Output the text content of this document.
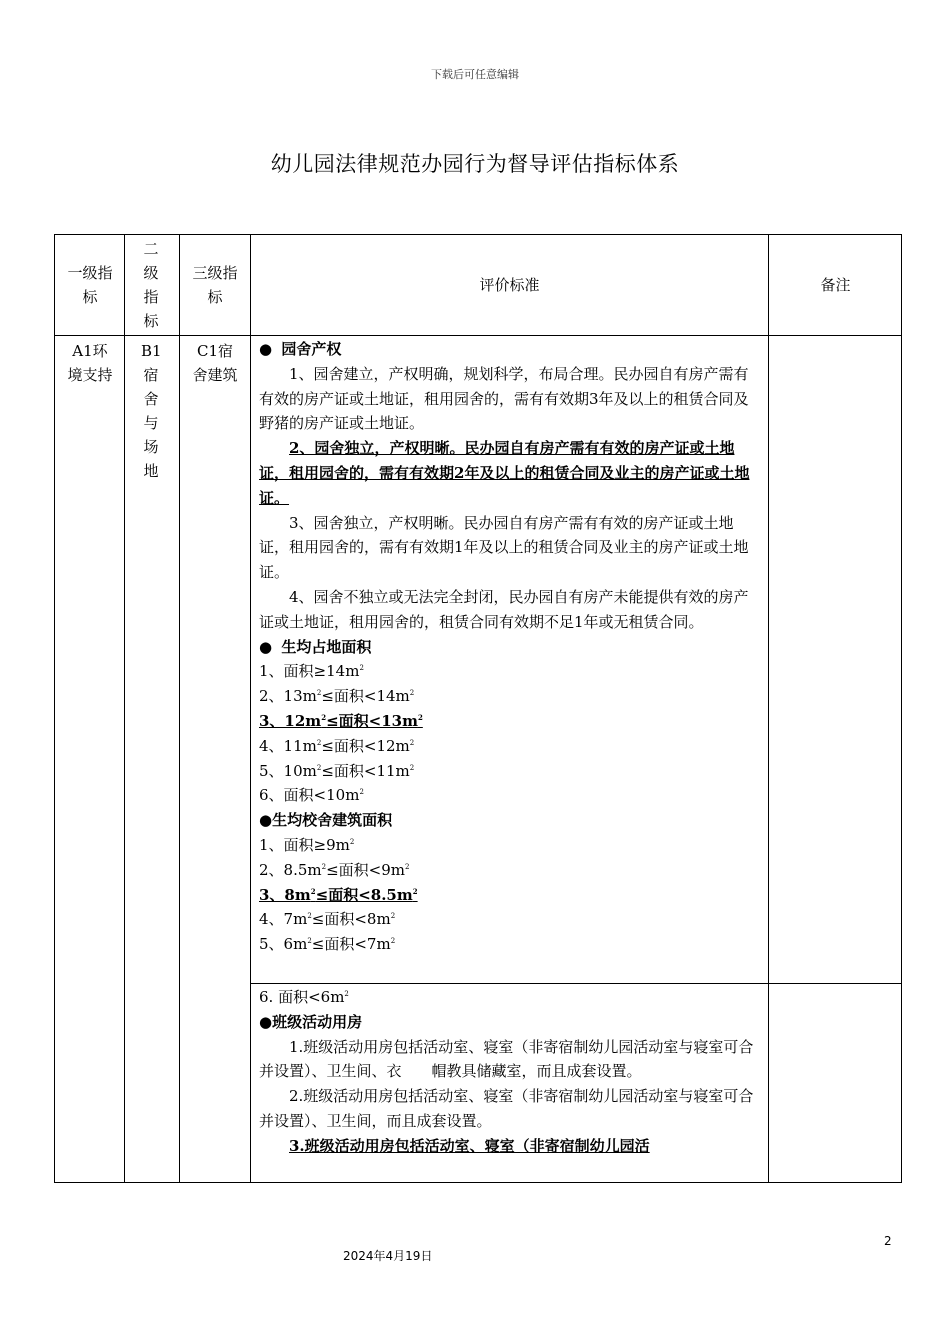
下载后可任意编辑
幼儿园法律规范办园行为督导评估指标体系
一级指标
二级指标
三级指标
评价标准	备注
A1环境支持
B1宿舍与场地
C1宿舍建筑

● 园舍产权

1、园舍建立，产权明确，规划科学，布局合理。民办园自有房产需有有效的房产证或土地证，租用园舍的，需有有效期3年及以上的租赁合同及野猪的房产证或土地证。

2、园舍独立，产权明晰。民办园自有房产需有有效的房产证或土地证，租用园舍的，需有有效期2年及以上的租赁合同及业主的房产证或土地证。

3、园舍独立，产权明晰。民办园自有房产需有有效的房产证或土地证，租用园舍的，需有有效期1年及以上的租赁合同及业主的房产证或土地证。

4、园舍不独立或无法完全封闭，民办园自有房产未能提供有效的房产证或土地证，租用园舍的，租赁合同有效期不足1年或无租赁合同。

● 生均占地面积

1、面积$\ge 14m^2$

2、$13m^2\le$面积$<14m^2$

3、$12m^2\le$面积$<13m^2$

4、$11m^2\le$面积$<12m^2$

5、$10m^2\le$面积$<11m^2$

6、面积$<10m^2$

●生均校舍建筑面积

1、面积$\ge 9m^2$

2、$8.5m^2\le$面积$<9m^2$

3、$8m^2\le$面积$<8.5m^2$

4、$7m^2\le$面积$<8m^2$

5、$6m^2\le$面积$<7m^2$

6. 面积$<6m^2$

●班级活动用房

1.班级活动用房包括活动室、寝室（非寄宿制幼儿园活动室与寝室可合并设置）、卫生间、衣　　帽教具储藏室，而且成套设置。

2.班级活动用房包括活动室、寝室（非寄宿制幼儿园活动室与寝室可合并设置）、卫生间，而且成套设置。

3.班级活动用房包括活动室、寝室（非寄宿制幼儿园活

2
2024年4月19日
